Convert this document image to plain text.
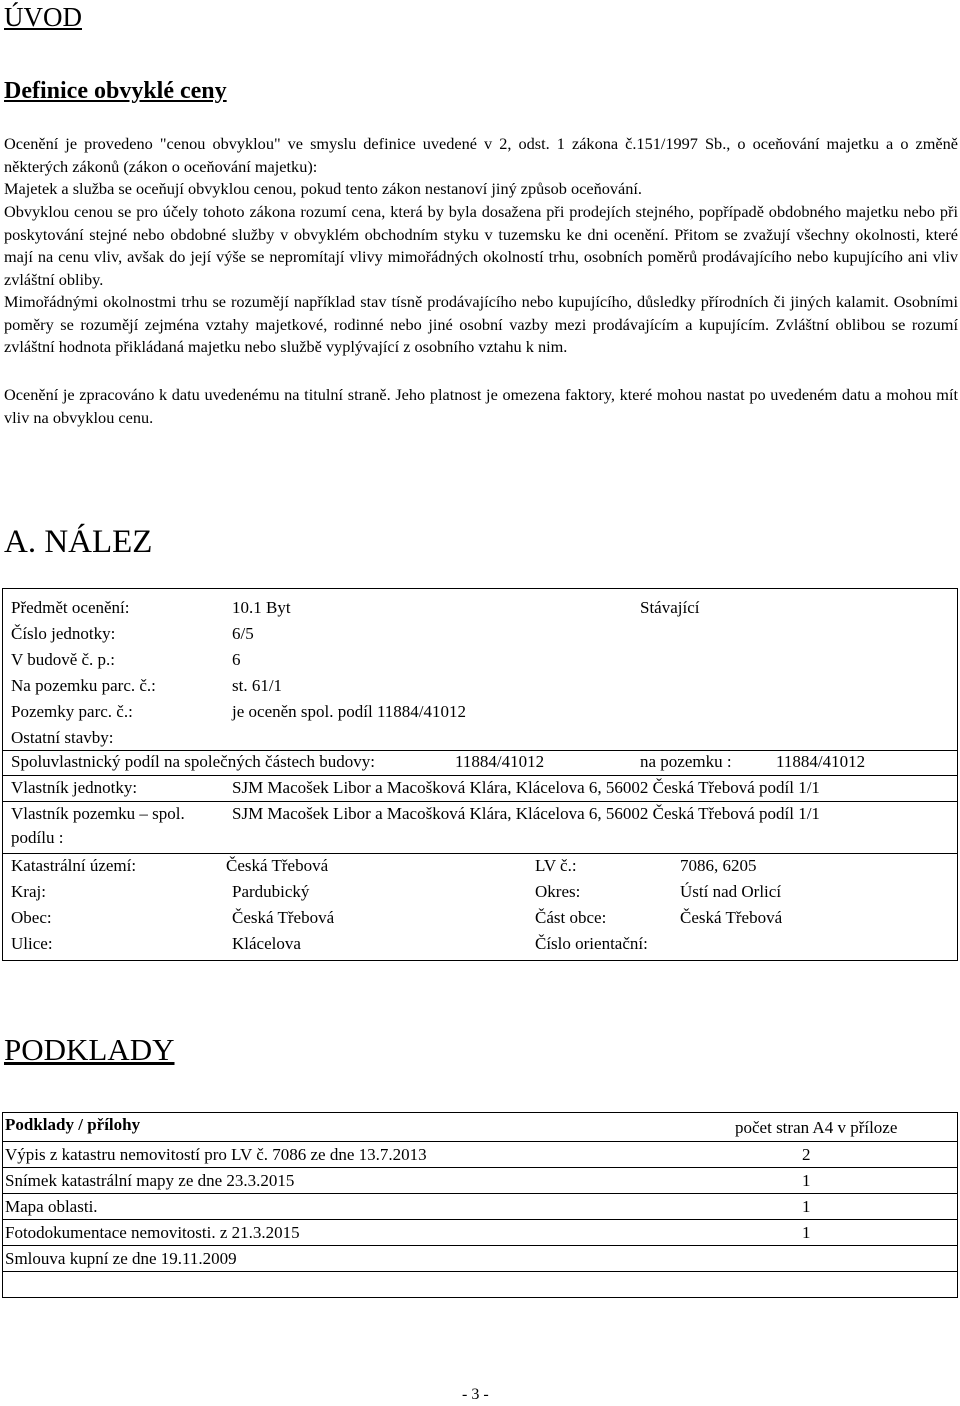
ÚVOD
Definice obvyklé ceny
Ocenění je provedeno "cenou obvyklou" ve smyslu definice uvedené v 2, odst. 1 zákona č.151/1997 Sb., o oceňování majetku a o změně některých zákonů (zákon o oceňování majetku):
Majetek a služba se oceňují obvyklou cenou, pokud tento zákon nestanoví jiný způsob oceňování.
Obvyklou cenou se pro účely tohoto zákona rozumí cena, která by byla dosažena při prodejích stejného, popřípadě obdobného majetku nebo při poskytování stejné nebo obdobné služby v obvyklém obchodním styku v tuzemsku ke dni ocenění. Přitom se zvažují všechny okolnosti, které mají na cenu vliv, avšak do její výše se nepromítají vlivy mimořádných okolností trhu, osobních poměrů prodávajícího nebo kupujícího ani vliv zvláštní obliby.
Mimořádnými okolnostmi trhu se rozumějí například stav tísně prodávajícího nebo kupujícího, důsledky přírodních či jiných kalamit. Osobními poměry se rozumějí zejména vztahy majetkové, rodinné nebo jiné osobní vazby mezi prodávajícím a kupujícím. Zvláštní oblibou se rozumí zvláštní hodnota přikládaná majetku nebo službě vyplývající z osobního vztahu k nim.
Ocenění je zpracováno k datu uvedenému na titulní straně. Jeho platnost je omezena faktory, které mohou nastat po uvedeném datu a mohou mít vliv na obvyklou cenu.
A. NÁLEZ
Předmět ocenění:	10.1 Byt	Stávající
Číslo jednotky:	6/5
V budově č. p.:	6
Na pozemku parc. č.:	st. 61/1
Pozemky parc. č.:	je oceněn spol. podíl 11884/41012
Ostatní stavby:
Spoluvlastnický podíl na společných částech budovy:	11884/41012	na pozemku :	11884/41012
Vlastník jednotky:	SJM Macošek Libor a Macošková Klára, Klácelova 6, 56002 Česká Třebová podíl 1/1
Vlastník pozemku – spol.	SJM Macošek Libor a Macošková Klára, Klácelova 6, 56002 Česká Třebová podíl 1/1
podílu :
Katastrální území:	Česká Třebová	LV č.:	7086, 6205
Kraj:	Pardubický	Okres:	Ústí nad Orlicí
Obec:	Česká Třebová	Část obce:	Česká Třebová
Ulice:	Klácelova	Číslo orientační:
PODKLADY
Podklady / přílohy	počet stran A4 v příloze
Výpis z katastru nemovitostí pro LV č. 7086 ze dne 13.7.2013	2
Snímek katastrální mapy ze dne 23.3.2015	1
Mapa oblasti.	1
Fotodokumentace nemovitosti. z 21.3.2015	1
Smlouva kupní ze dne 19.11.2009
- 3 -
